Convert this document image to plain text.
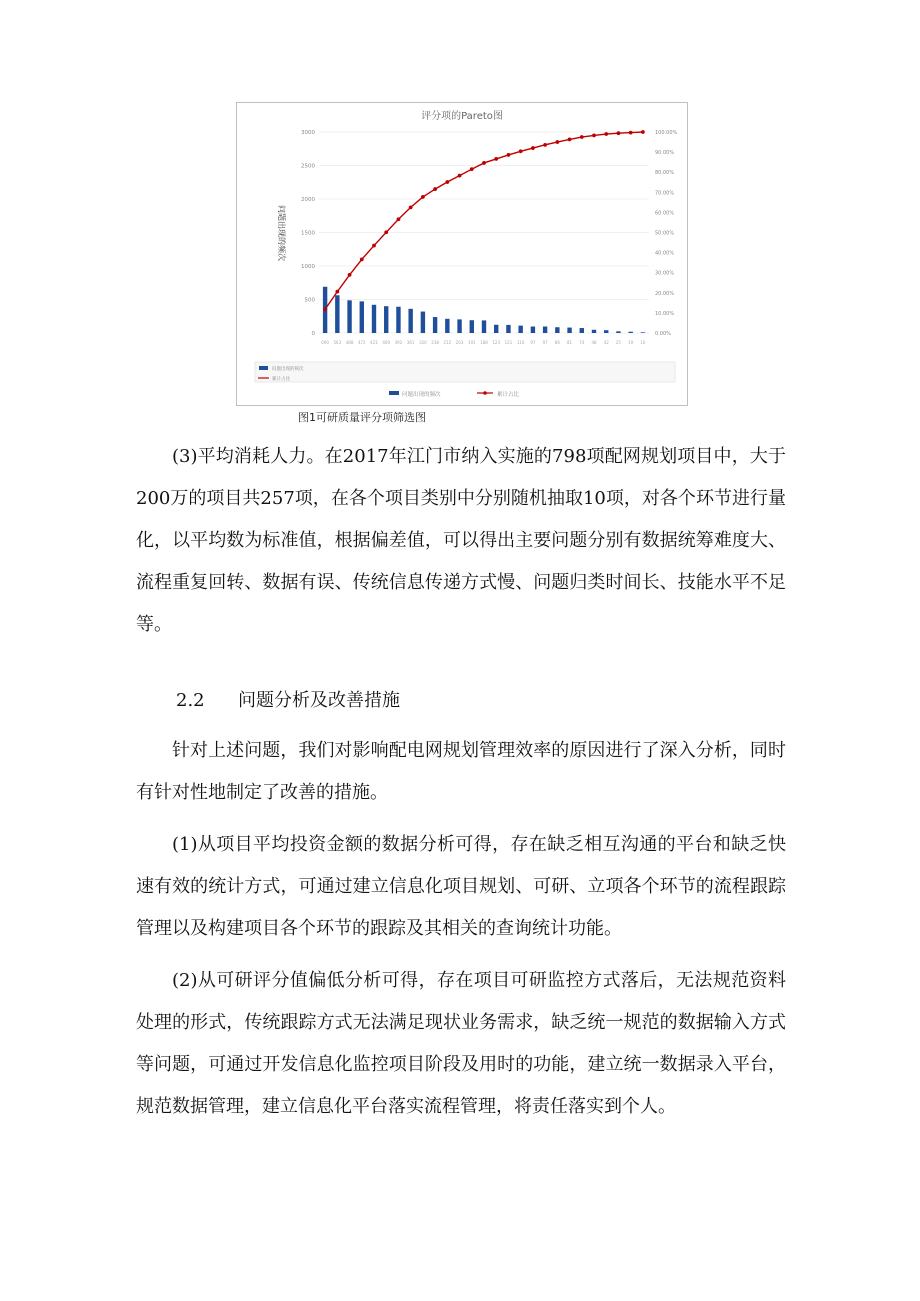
评分项的Pareto图
问题出现的频次
0
500
1000
1500
2000
2500
3000
0.00%
10.00%
20.00%
30.00%
40.00%
50.00%
60.00%
70.00%
80.00%
90.00%
100.00%
690 563 488 472 421 400 392 361 320 238 212 203 191 188 123 121 110 97 97 86 81 74 48 42 25 19 10
问题出现的频次
累计占比
问题出现的频次	累计占比
图1可研质量评分项筛选图

(3)平均消耗人力。在2017年江门市纳入实施的798项配网规划项目中，大于200万的项目共257项，在各个项目类别中分别随机抽取10项，对各个环节进行量化，以平均数为标准值，根据偏差值，可以得出主要问题分别有数据统筹难度大、流程重复回转、数据有误、传统信息传递方式慢、问题归类时间长、技能水平不足等。

2.2 问题分析及改善措施

针对上述问题，我们对影响配电网规划管理效率的原因进行了深入分析，同时有针对性地制定了改善的措施。

(1)从项目平均投资金额的数据分析可得，存在缺乏相互沟通的平台和缺乏快速有效的统计方式，可通过建立信息化项目规划、可研、立项各个环节的流程跟踪管理以及构建项目各个环节的跟踪及其相关的查询统计功能。

(2)从可研评分值偏低分析可得，存在项目可研监控方式落后，无法规范资料处理的形式，传统跟踪方式无法满足现状业务需求，缺乏统一规范的数据输入方式等问题，可通过开发信息化监控项目阶段及用时的功能，建立统一数据录入平台，规范数据管理，建立信息化平台落实流程管理，将责任落实到个人。
